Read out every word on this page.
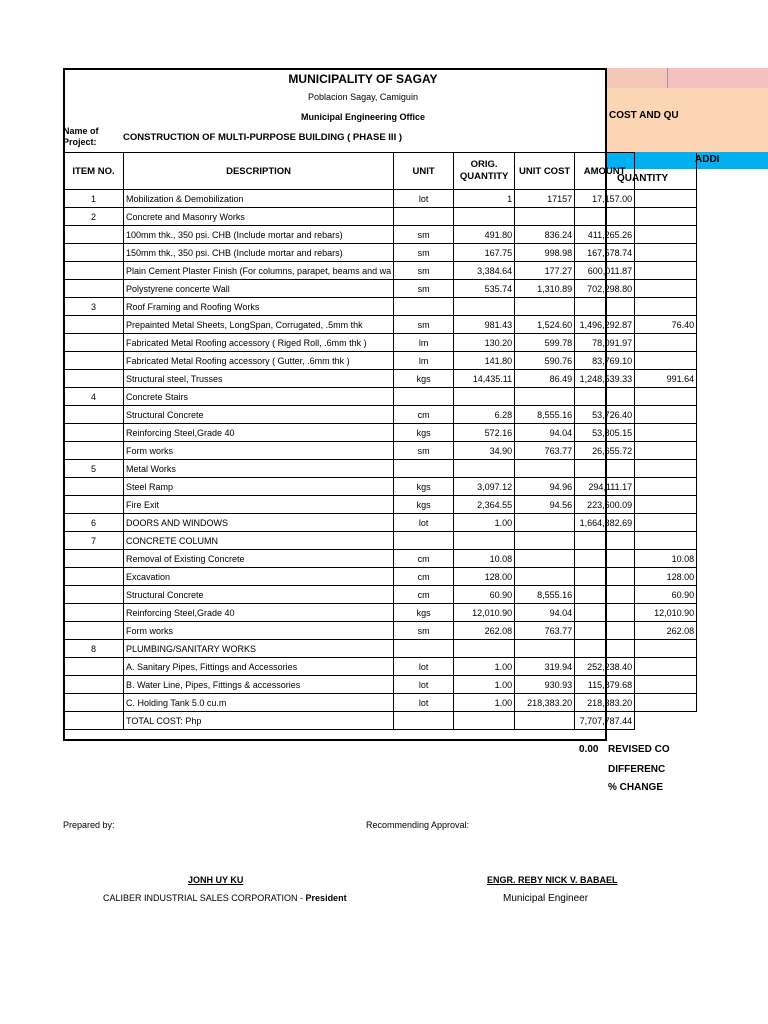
COST AND QU
ADDI
QUANTITY
MUNICIPALITY OF SAGAY
Poblacion Sagay, Camiguin
Municipal Engineering Office
Name of Project:	CONSTRUCTION OF MULTI-PURPOSE BUILDING ( PHASE III )
ITEM NO.	DESCRIPTION	UNIT	ORIG. QUANTITY	UNIT COST	AMOUNT	
1	Mobilization & Demobilization	lot	1	17157	17,157.00	
2	Concrete and Masonry Works					
	100mm thk., 350 psi. CHB (Include mortar and rebars)	sm	491.80	836.24	411,265.26	
	150mm thk., 350 psi. CHB (Include mortar and rebars)	sm	167.75	998.98	167,578.74	
	Plain Cement Plaster Finish (For columns, parapet, beams and wa	sm	3,384.64	177.27	600,011.87	
	Polystyrene concerte Wall	sm	535.74	1,310.89	702,298.80	
3	Roof Framing and Roofing Works					
	Prepainted Metal Sheets, LongSpan, Corrugated, .5mm thk	sm	981.43	1,524.60	1,496,292.87	76.40
	Fabricated Metal Roofing accessory ( Riged Roll, .6mm thk )	lm	130.20	599.78	78,091.97	
	Fabricated Metal Roofing accessory ( Gutter, .6mm thk )	lm	141.80	590.76	83,769.10	
	Structural steel, Trusses	kgs	14,435.11	86.49	1,248,539.33	991.64
4	Concrete Stairs					
	Structural Concrete	cm	6.28	8,555.16	53,726.40	
	Reinforcing Steel,Grade 40	kgs	572.16	94.04	53,805.15	
	Form works	sm	34.90	763.77	26,655.72	
5	Metal Works					
	Steel Ramp	kgs	3,097.12	94.96	294,111.17	
	Fire Exit	kgs	2,364.55	94.56	223,600.09	
6	DOORS AND WINDOWS	lot	1.00		1,664,382.69	
7	CONCRETE COLUMN					
	Removal of Existing Concrete	cm	10.08			10.08
	Excavation	cm	128.00			128.00
	Structural Concrete	cm	60.90	8,555.16		60.90
	Reinforcing Steel,Grade 40	kgs	12,010.90	94.04		12,010.90
	Form works	sm	262.08	763.77		262.08
8	PLUMBING/SANITARY WORKS					
	A. Sanitary Pipes, Fittings and Accessories	lot	1.00	319.94	252,238.40	
	B. Water Line, Pipes, Fittings & accessories	lot	1.00	930.93	115,879.68	
	C. Holding Tank 5.0 cu.m	lot	1.00	218,383.20	218,383.20	
	TOTAL COST: Php				7,707,787.44	
0.00 REVISED CO
DIFFERENC
% CHANGE
Prepared by:	Recommending Approval:
JONH UY KU
CALIBER INDUSTRIAL SALES CORPORATION - President
ENGR. REBY NICK V. BABAEL
Municipal Engineer
